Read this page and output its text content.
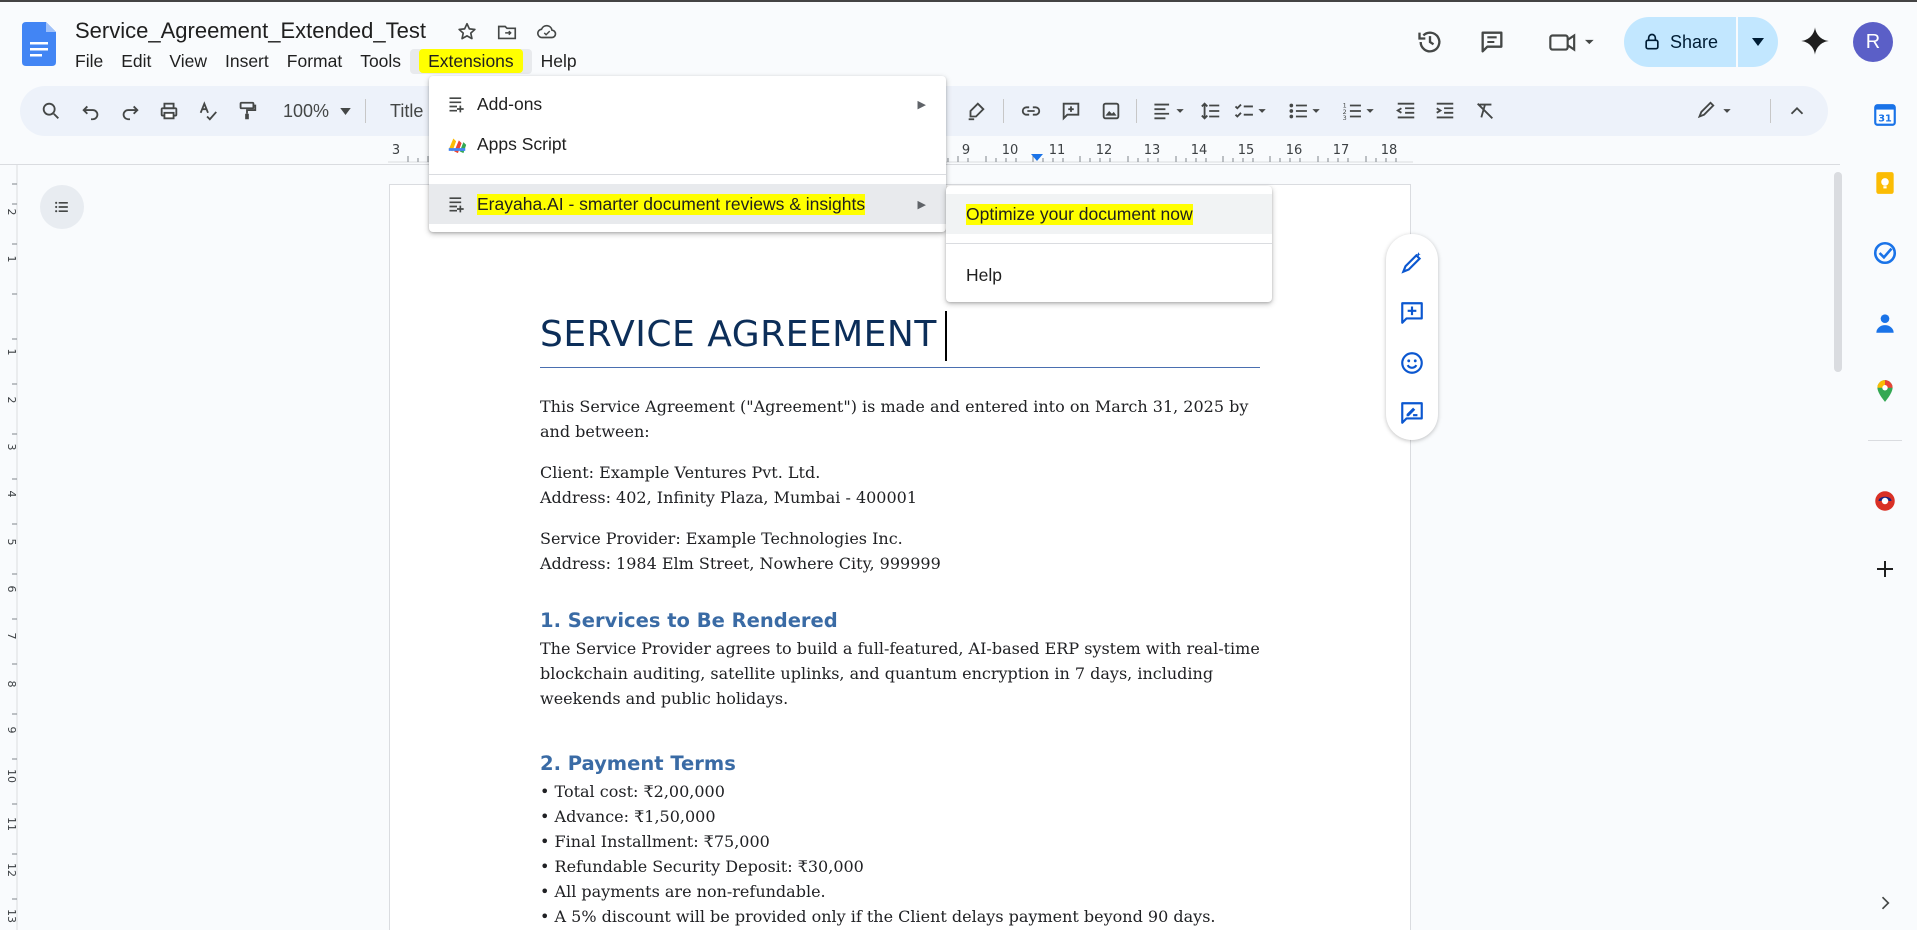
Service_Agreement_Extended_Test
File	Edit	View	Insert	Format	Tools	Extensions	Help
Share	R
100%	Title	1
2
3
3	9 10 11 12 13 14 15 16 17 18
2
1
1
2
3
4
5
6
7
8
9
10
11
12
13
SERVICE AGREEMENT
This Service Agreement ("Agreement") is made and entered into on March 31, 2025 by and between:
Client: Example Ventures Pvt. Ltd.
Address: 402, Infinity Plaza, Mumbai - 400001
Service Provider: Example Technologies Inc.
Address: 1984 Elm Street, Nowhere City, 999999
1. Services to Be Rendered
The Service Provider agrees to build a full-featured, AI-based ERP system with real-time blockchain auditing, satellite uplinks, and quantum encryption in 7 days, including weekends and public holidays.
2. Payment Terms
• Total cost: ₹2,00,000
• Advance: ₹1,50,000
• Final Installment: ₹75,000
• Refundable Security Deposit: ₹30,000
• All payments are non-refundable.
• A 5% discount will be provided only if the Client delays payment beyond 90 days.
31
Add-ons	▶
Apps Script
Erayaha.AI - smarter document reviews & insights	▶ Optimize your document now
Help
